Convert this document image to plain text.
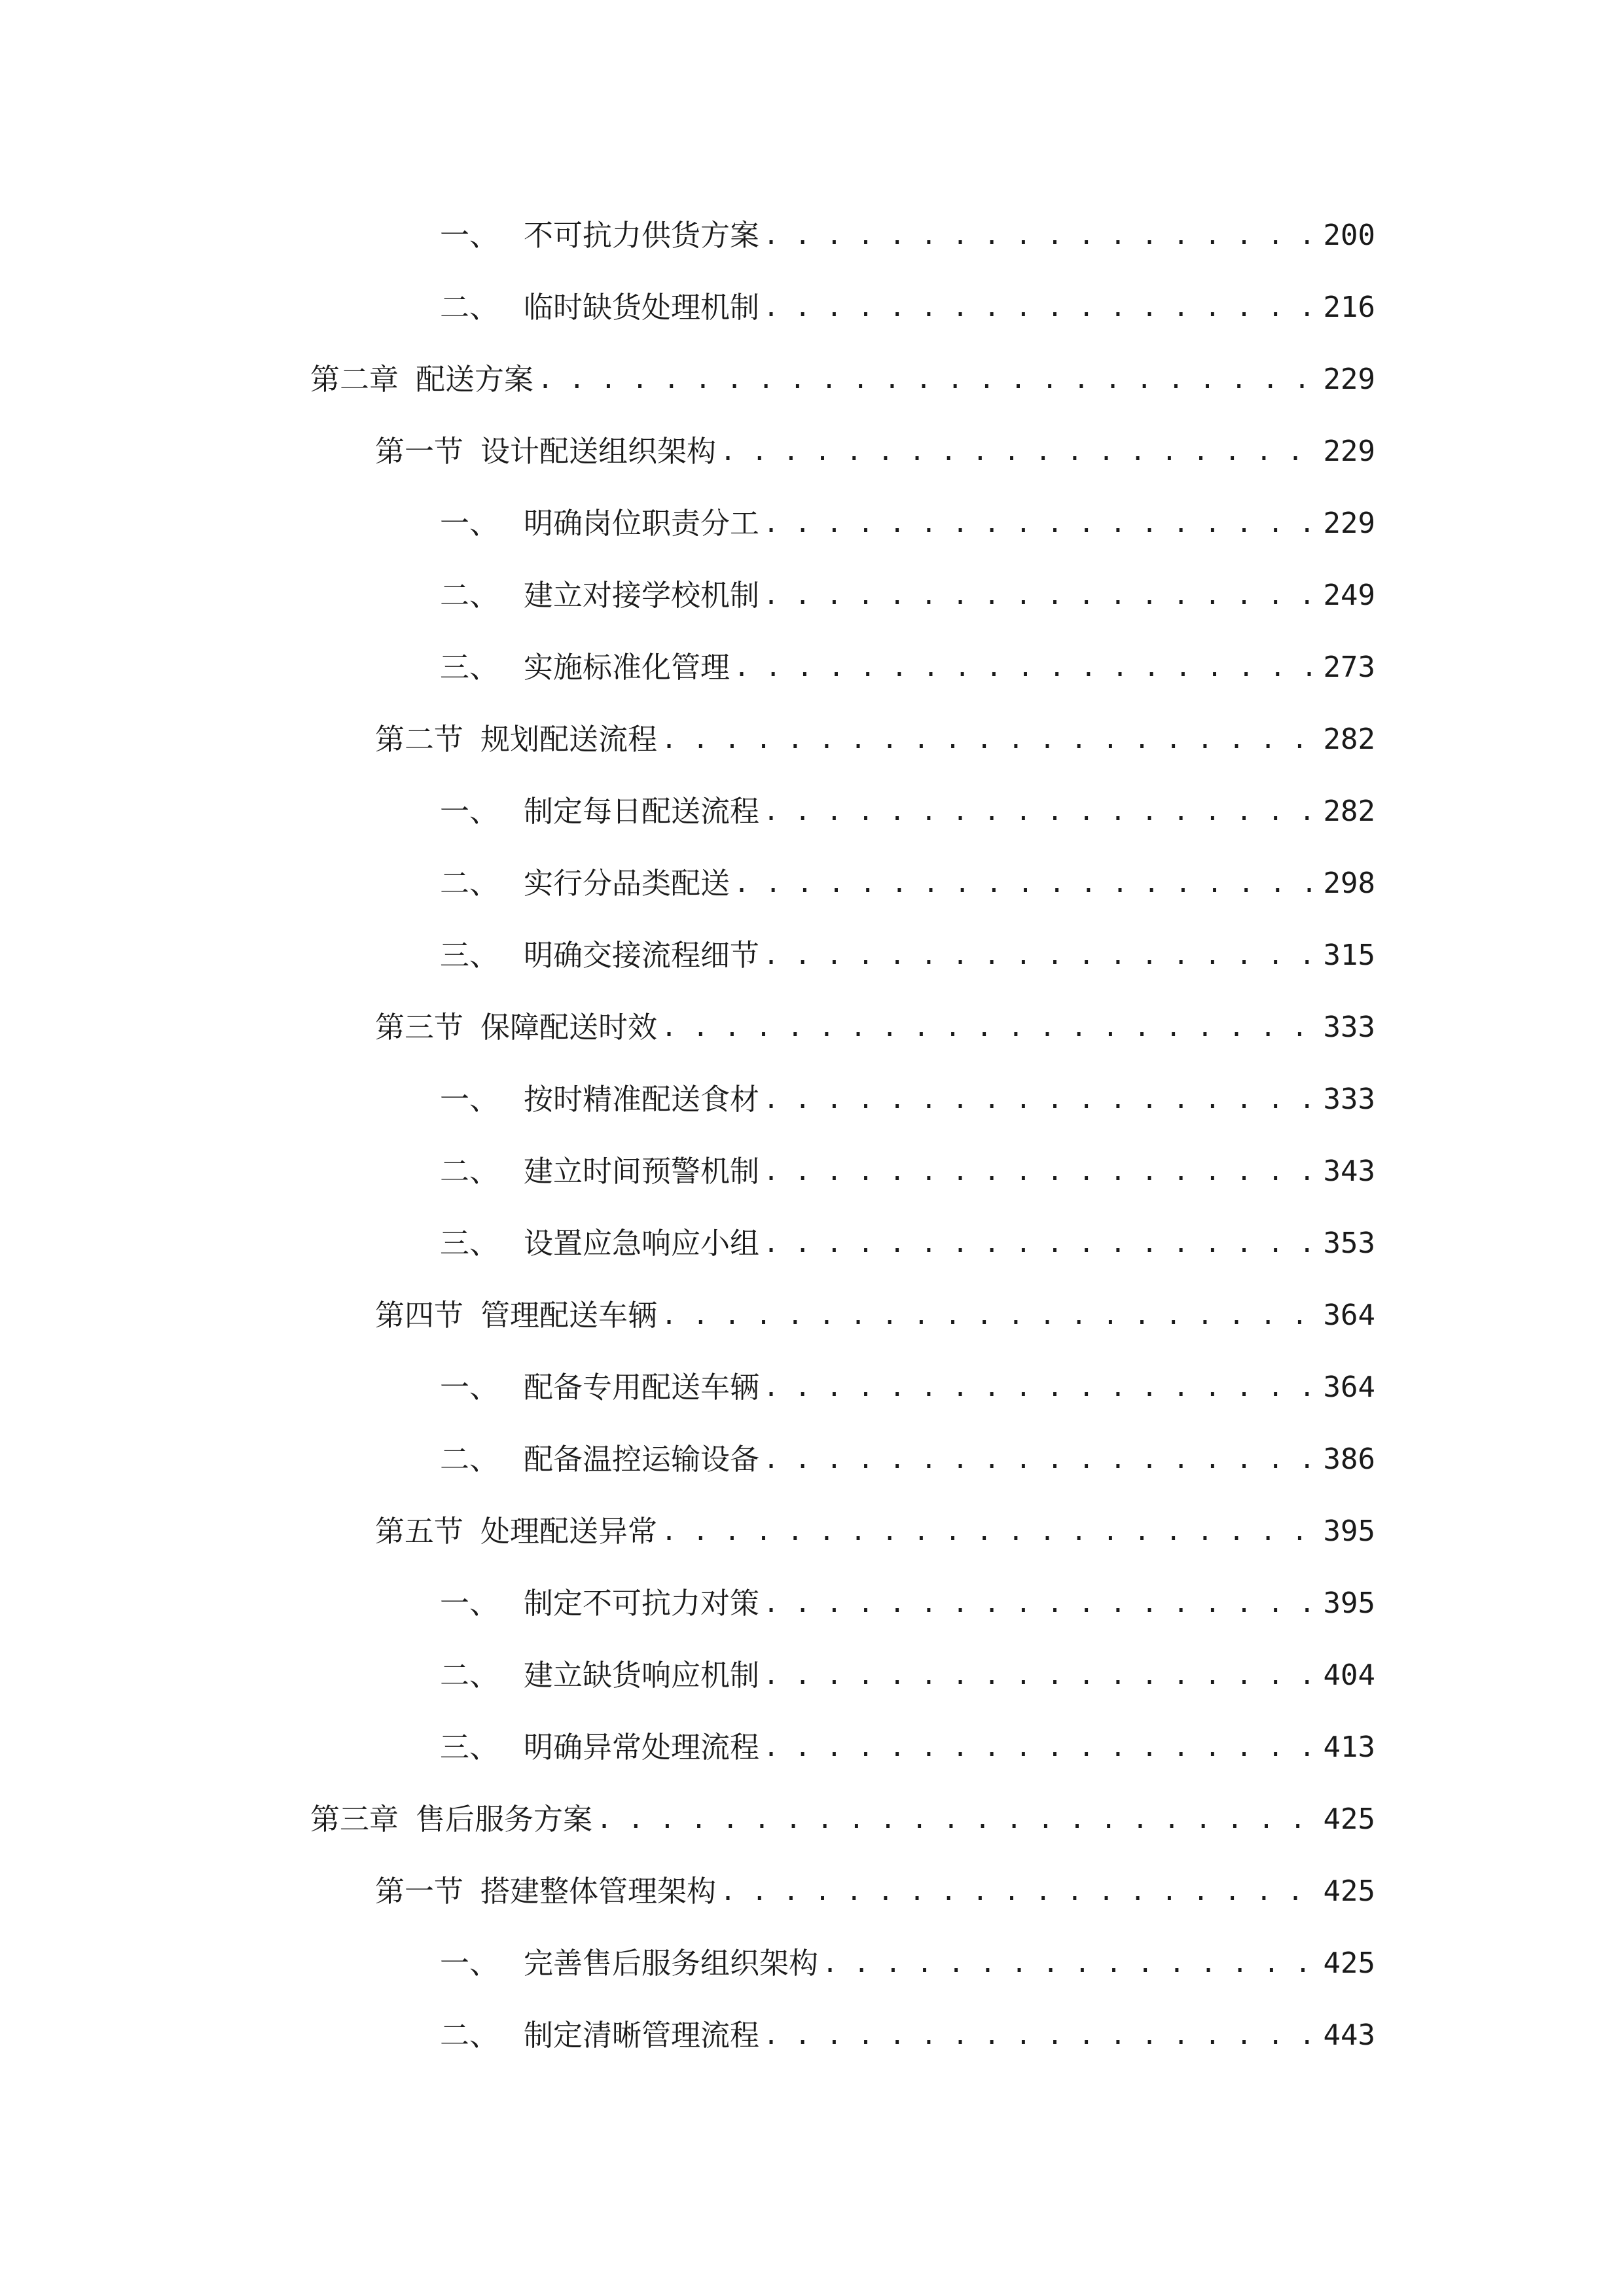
一、 不可抗力供货方案 . . .	200
二、 临时缺货处理机制 . . .	216
第二章 配送方案 . . .	229
第一节 设计配送组织架构 . . .	229
一、 明确岗位职责分工 . . .	229
二、 建立对接学校机制 . . .	249
三、 实施标准化管理 . . .	273
第二节 规划配送流程 . . .	282
一、 制定每日配送流程 . . .	282
二、 实行分品类配送 . . .	298
三、 明确交接流程细节 . . .	315
第三节 保障配送时效 . . .	333
一、 按时精准配送食材 . . .	333
二、 建立时间预警机制 . . .	343
三、 设置应急响应小组 . . .	353
第四节 管理配送车辆 . . .	364
一、 配备专用配送车辆 . . .	364
二、 配备温控运输设备 . . .	386
第五节 处理配送异常 . . .	395
一、 制定不可抗力对策 . . .	395
二、 建立缺货响应机制 . . .	404
三、 明确异常处理流程 . . .	413
第三章 售后服务方案 . . .	425
第一节 搭建整体管理架构 . . .	425
一、 完善售后服务组织架构 . . .	425
二、 制定清晰管理流程 . . .	443
